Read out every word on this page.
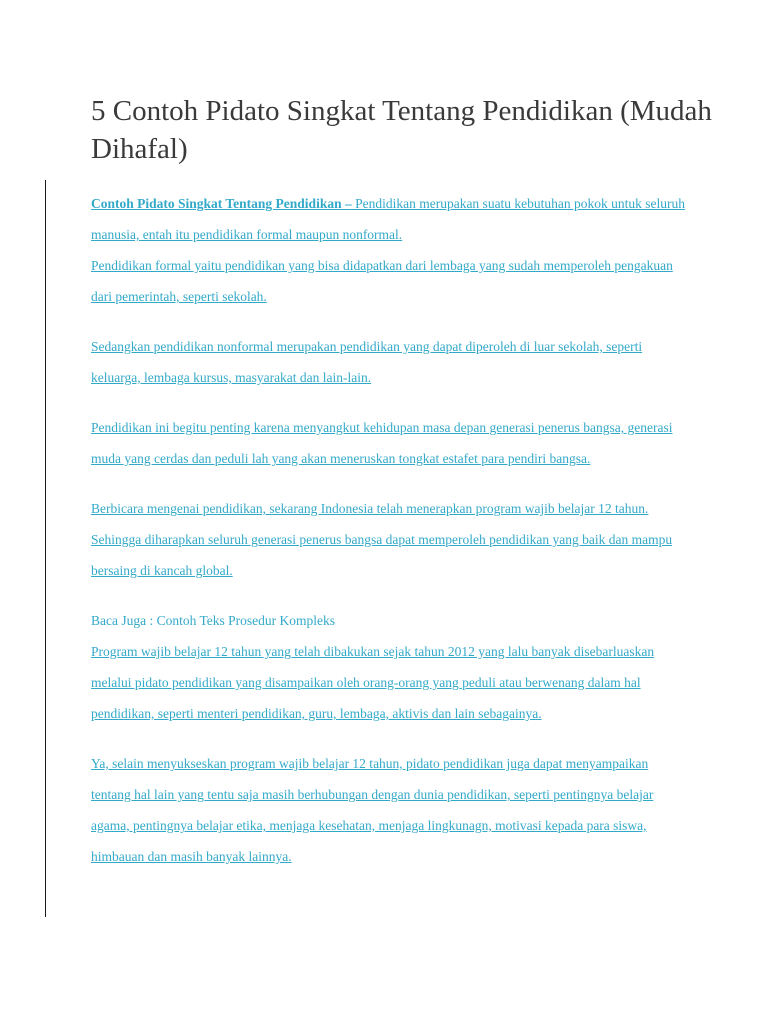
5 Contoh Pidato Singkat Tentang Pendidikan (Mudah Dihafal)

Contoh Pidato Singkat Tentang Pendidikan – Pendidikan merupakan suatu kebutuhan pokok untuk seluruh manusia, entah itu pendidikan formal maupun nonformal.

Pendidikan formal yaitu pendidikan yang bisa didapatkan dari lembaga yang sudah memperoleh pengakuan dari pemerintah, seperti sekolah.

Sedangkan pendidikan nonformal merupakan pendidikan yang dapat diperoleh di luar sekolah, seperti keluarga, lembaga kursus, masyarakat dan lain-lain.

Pendidikan ini begitu penting karena menyangkut kehidupan masa depan generasi penerus bangsa, generasi muda yang cerdas dan peduli lah yang akan meneruskan tongkat estafet para pendiri bangsa.

Berbicara mengenai pendidikan, sekarang Indonesia telah menerapkan program wajib belajar 12 tahun. Sehingga diharapkan seluruh generasi penerus bangsa dapat memperoleh pendidikan yang baik dan mampu bersaing di kancah global.

Baca Juga : Contoh Teks Prosedur Kompleks

Program wajib belajar 12 tahun yang telah dibakukan sejak tahun 2012 yang lalu banyak disebarluaskan melalui pidato pendidikan yang disampaikan oleh orang-orang yang peduli atau berwenang dalam hal pendidikan, seperti menteri pendidikan, guru, lembaga, aktivis dan lain sebagainya.

Ya, selain menyukseskan program wajib belajar 12 tahun, pidato pendidikan juga dapat menyampaikan tentang hal lain yang tentu saja masih berhubungan dengan dunia pendidikan, seperti pentingnya belajar agama, pentingnya belajar etika, menjaga kesehatan, menjaga lingkunagn, motivasi kepada para siswa, himbauan dan masih banyak lainnya.
